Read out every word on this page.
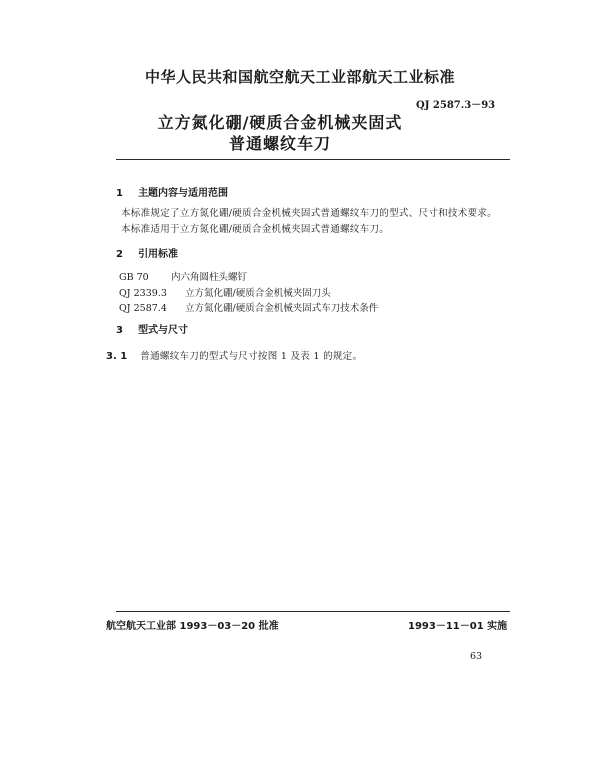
中华人民共和国航空航天工业部航天工业标准
QJ 2587.3－93
立方氮化硼/硬质合金机械夹固式
普通螺纹车刀
1 主题内容与适用范围
本标准规定了立方氮化硼/硬质合金机械夹固式普通螺纹车刀的型式、尺寸和技术要求。
本标准适用于立方氮化硼/硬质合金机械夹固式普通螺纹车刀。
2 引用标准
GB 70 内六角圆柱头螺钉
QJ 2339.3 立方氮化硼/硬质合金机械夹固刀头
QJ 2587.4 立方氮化硼/硬质合金机械夹固式车刀技术条件
3 型式与尺寸
3. 1 普通螺纹车刀的型式与尺寸按图 1 及表 1 的规定。
航空航天工业部 1993－03－20 批准	1993－11－01 实施
63
